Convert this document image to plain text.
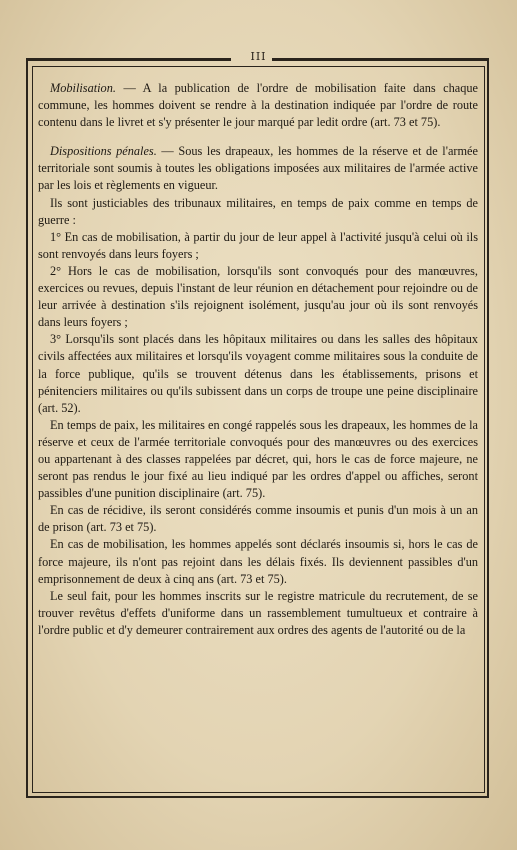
III

Mobilisation. — A la publication de l'ordre de mobilisation faite dans chaque commune, les hommes doivent se rendre à la destination indiquée par l'ordre de route contenu dans le livret et s'y présenter le jour marqué par ledit ordre (art. 73 et 75).

Dispositions pénales. — Sous les drapeaux, les hommes de la réserve et de l'armée territoriale sont soumis à toutes les obligations imposées aux militaires de l'armée active par les lois et règlements en vigueur.

Ils sont justiciables des tribunaux militaires, en temps de paix comme en temps de guerre :

1° En cas de mobilisation, à partir du jour de leur appel à l'activité jusqu'à celui où ils sont renvoyés dans leurs foyers ;

2° Hors le cas de mobilisation, lorsqu'ils sont convoqués pour des manœuvres, exercices ou revues, depuis l'instant de leur réunion en détachement pour rejoindre ou de leur arrivée à destination s'ils rejoignent isolément, jusqu'au jour où ils sont renvoyés dans leurs foyers ;

3° Lorsqu'ils sont placés dans les hôpitaux militaires ou dans les salles des hôpitaux civils affectées aux militaires et lorsqu'ils voyagent comme militaires sous la conduite de la force publique, qu'ils se trouvent détenus dans les établissements, prisons et pénitenciers militaires ou qu'ils subissent dans un corps de troupe une peine disciplinaire (art. 52).

En temps de paix, les militaires en congé rappelés sous les drapeaux, les hommes de la réserve et ceux de l'armée territoriale convoqués pour des manœuvres ou des exercices ou appartenant à des classes rappelées par décret, qui, hors le cas de force majeure, ne seront pas rendus le jour fixé au lieu indiqué par les ordres d'appel ou affiches, seront passibles d'une punition disciplinaire (art. 75).

En cas de récidive, ils seront considérés comme insoumis et punis d'un mois à un an de prison (art. 73 et 75).

En cas de mobilisation, les hommes appelés sont déclarés insoumis si, hors le cas de force majeure, ils n'ont pas rejoint dans les délais fixés. Ils deviennent passibles d'un emprisonnement de deux à cinq ans (art. 73 et 75).

Le seul fait, pour les hommes inscrits sur le registre matricule du recrutement, de se trouver revêtus d'effets d'uniforme dans un rassemblement tumultueux et contraire à l'ordre public et d'y demeurer contrairement aux ordres des agents de l'autorité ou de la
